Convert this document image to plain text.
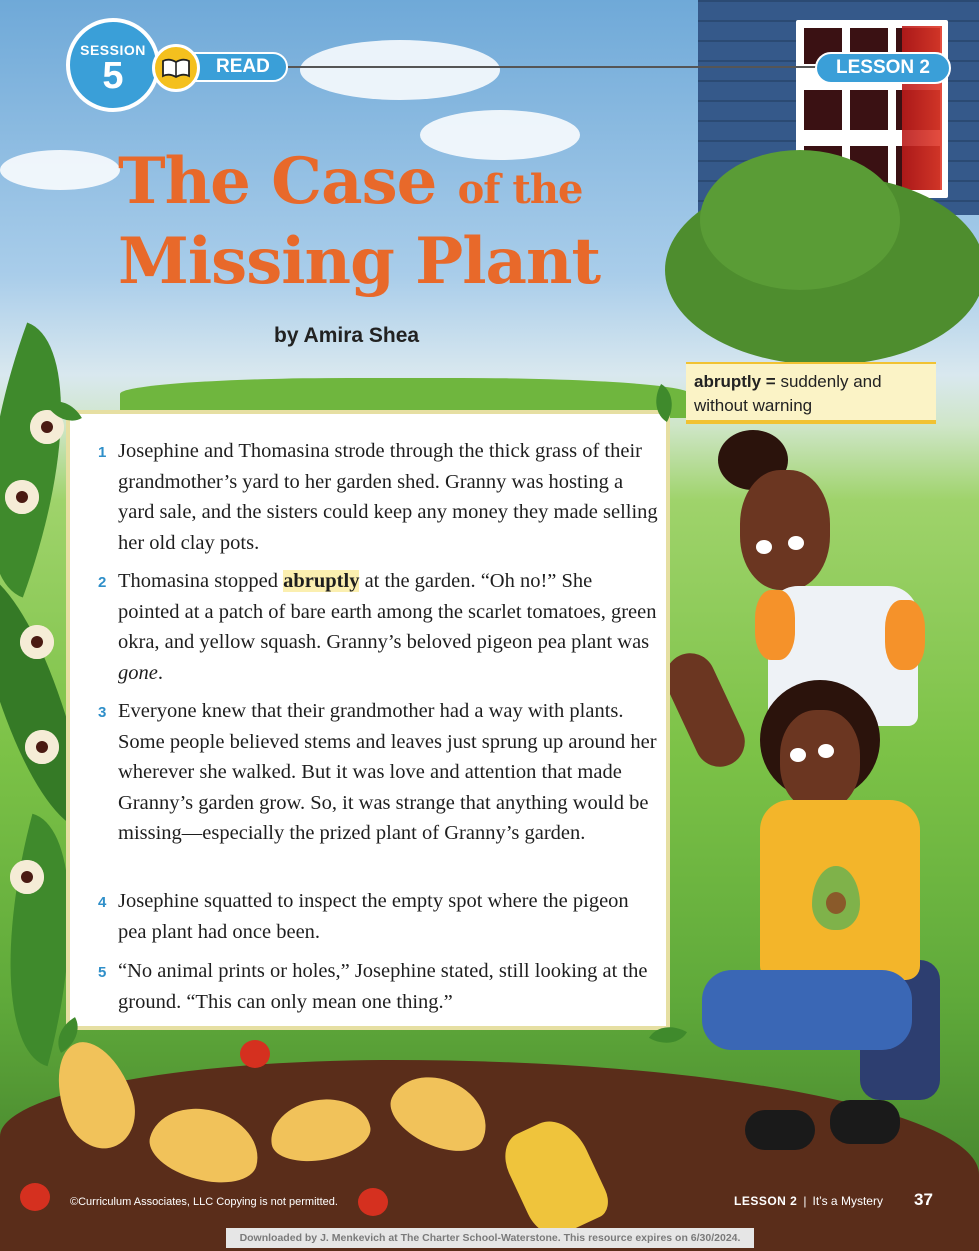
SESSION
5	READ	LESSON 2
The Case of the
Missing Plant
by Amira Shea
abruptly = suddenly and without warning
1 Josephine and Thomasina strode through the thick grass of their grandmother’s yard to her garden shed. Granny was hosting a yard sale, and the sisters could keep any money they made selling her old clay pots.
2 Thomasina stopped abruptly at the garden. “Oh no!” She pointed at a patch of bare earth among the scarlet tomatoes, green okra, and yellow squash. Granny’s beloved pigeon pea plant was gone.
3 Everyone knew that their grandmother had a way with plants. Some people believed stems and leaves just sprung up around her wherever she walked. But it was love and attention that made Granny’s garden grow. So, it was strange that anything would be missing—especially the prized plant of Granny’s garden.
4 Josephine squatted to inspect the empty spot where the pigeon pea plant had once been.
5 “No animal prints or holes,” Josephine stated, still looking at the ground. “This can only mean one thing.”
©Curriculum Associates, LLC Copying is not permitted.	LESSON 2 | It’s a Mystery 37
Downloaded by J. Menkevich at The Charter School-Waterstone. This resource expires on 6/30/2024.
